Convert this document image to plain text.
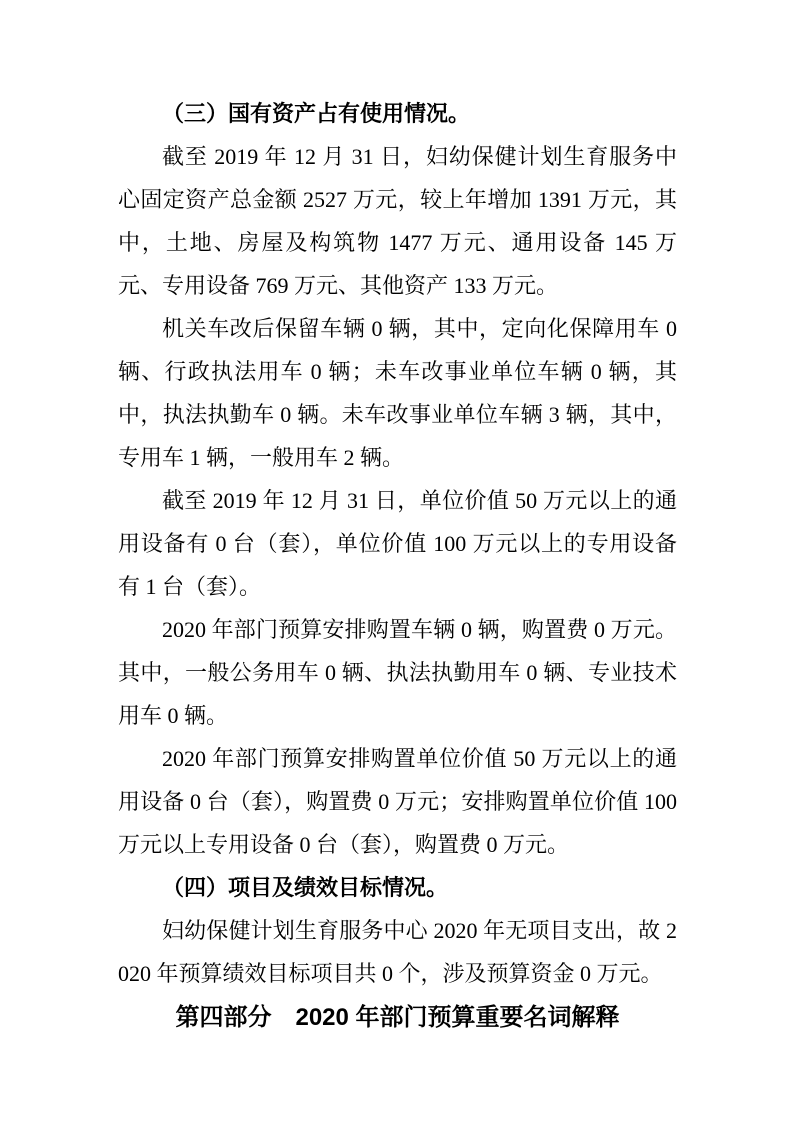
（三）国有资产占有使用情况。

截至 2019 年 12 月 31 日，妇幼保健计划生育服务中心固定资产总金额 2527 万元，较上年增加 1391 万元，其中，土地、房屋及构筑物 1477 万元、通用设备 145 万元、专用设备 769 万元、其他资产 133 万元。

机关车改后保留车辆 0 辆，其中，定向化保障用车 0 辆、行政执法用车 0 辆；未车改事业单位车辆 0 辆，其中，执法执勤车 0 辆。未车改事业单位车辆 3 辆，其中，专用车 1 辆，一般用车 2 辆。

截至 2019 年 12 月 31 日，单位价值 50 万元以上的通用设备有 0 台（套），单位价值 100 万元以上的专用设备有 1 台（套）。

2020 年部门预算安排购置车辆 0 辆，购置费 0 万元。其中，一般公务用车 0 辆、执法执勤用车 0 辆、专业技术用车 0 辆。

2020 年部门预算安排购置单位价值 50 万元以上的通用设备 0 台（套），购置费 0 万元；安排购置单位价值 100 万元以上专用设备 0 台（套），购置费 0 万元。

（四）项目及绩效目标情况。

妇幼保健计划生育服务中心 2020 年无项目支出，故 2020 年预算绩效目标项目共 0 个，涉及预算资金 0 万元。

第四部分　2020 年部门预算重要名词解释
